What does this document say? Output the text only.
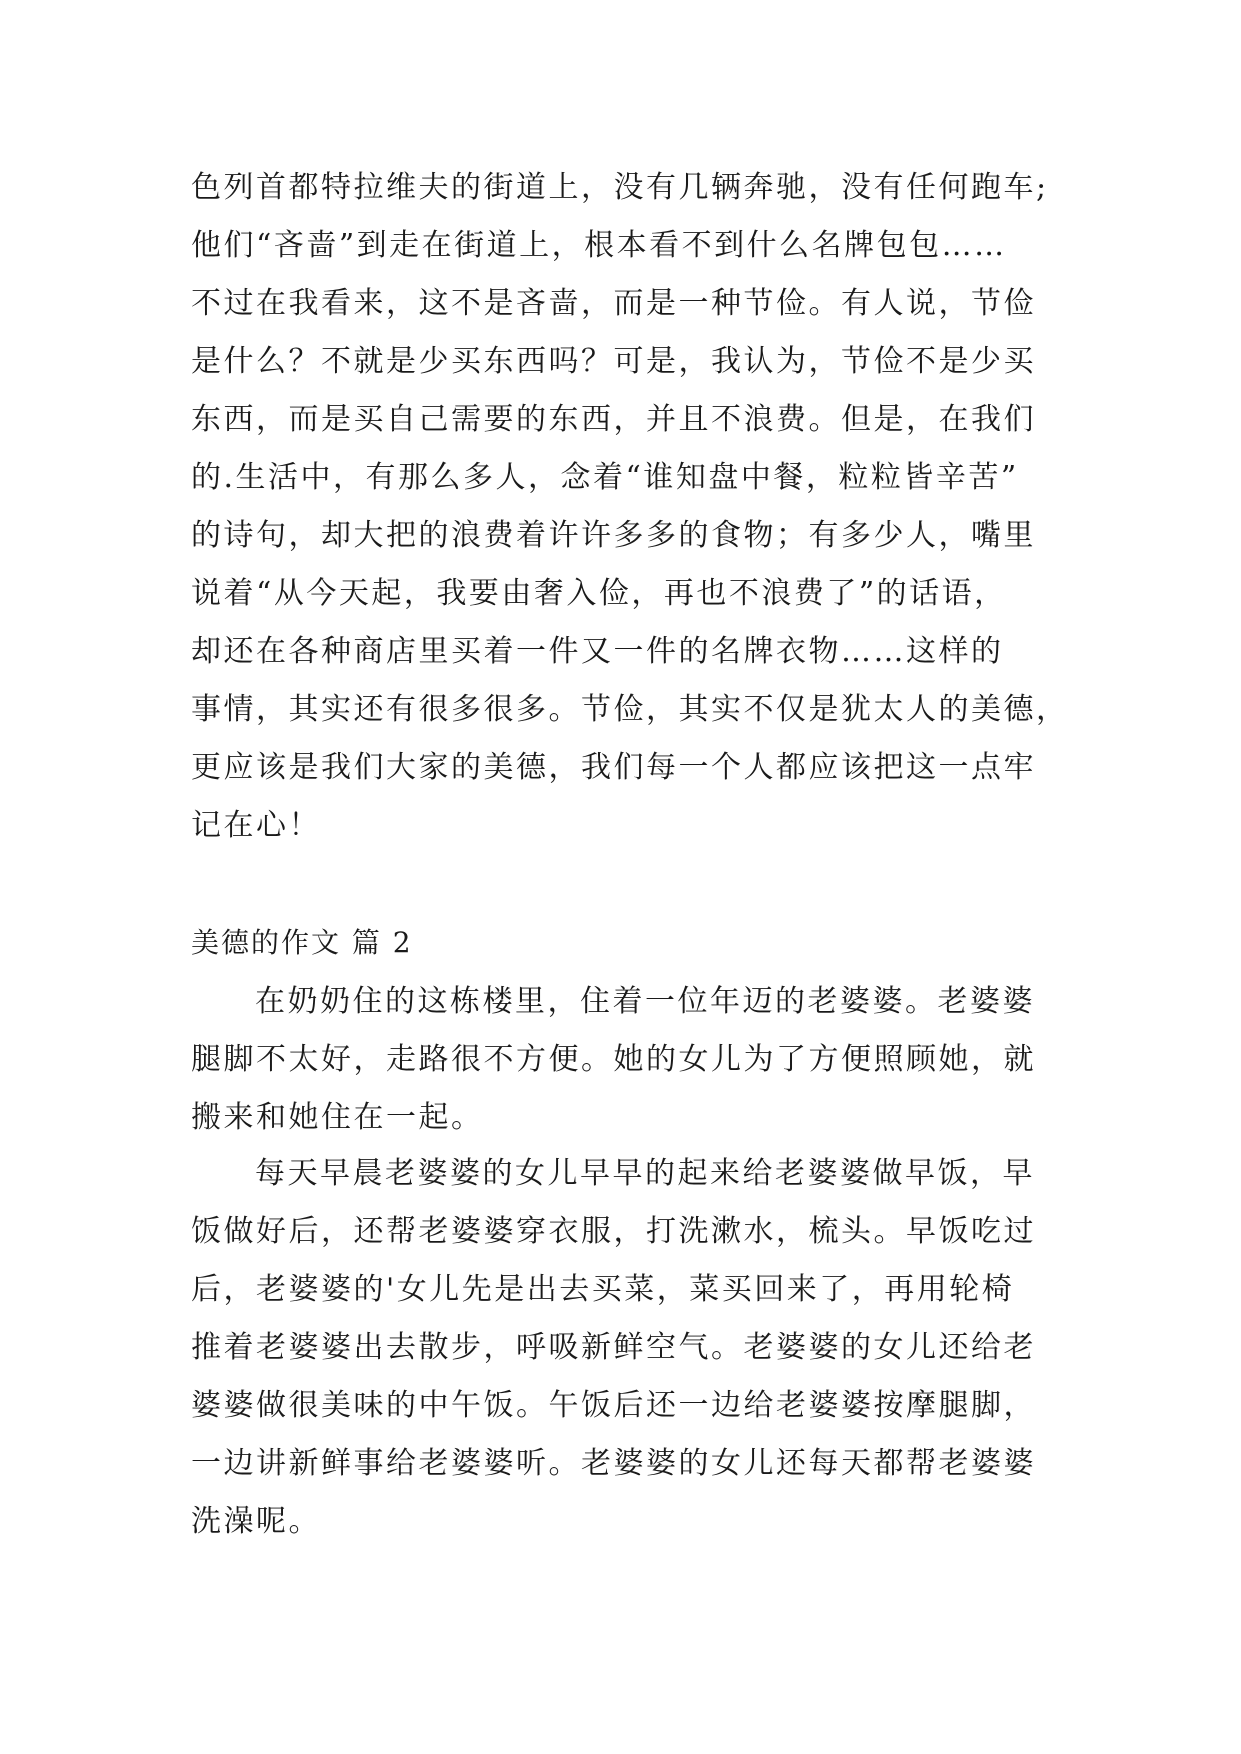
色列首都特拉维夫的街道上，没有几辆奔驰，没有任何跑车;
他们“吝啬”到走在街道上，根本看不到什么名牌包包……
不过在我看来，这不是吝啬，而是一种节俭。有人说，节俭
是什么？不就是少买东西吗？可是，我认为，节俭不是少买
东西，而是买自己需要的东西，并且不浪费。但是，在我们
的.生活中，有那么多人，念着“谁知盘中餐，粒粒皆辛苦”
的诗句，却大把的浪费着许许多多的食物；有多少人，嘴里
说着“从今天起，我要由奢入俭，再也不浪费了”的话语，
却还在各种商店里买着一件又一件的名牌衣物……这样的
事情，其实还有很多很多。节俭，其实不仅是犹太人的美德，
更应该是我们大家的美德，我们每一个人都应该把这一点牢
记在心！
美德的作文 篇 2
在奶奶住的这栋楼里，住着一位年迈的老婆婆。老婆婆
腿脚不太好，走路很不方便。她的女儿为了方便照顾她，就
搬来和她住在一起。
每天早晨老婆婆的女儿早早的起来给老婆婆做早饭，早
饭做好后，还帮老婆婆穿衣服，打洗漱水，梳头。早饭吃过
后，老婆婆的'女儿先是出去买菜，菜买回来了，再用轮椅
推着老婆婆出去散步，呼吸新鲜空气。老婆婆的女儿还给老
婆婆做很美味的中午饭。午饭后还一边给老婆婆按摩腿脚，
一边讲新鲜事给老婆婆听。老婆婆的女儿还每天都帮老婆婆
洗澡呢。
